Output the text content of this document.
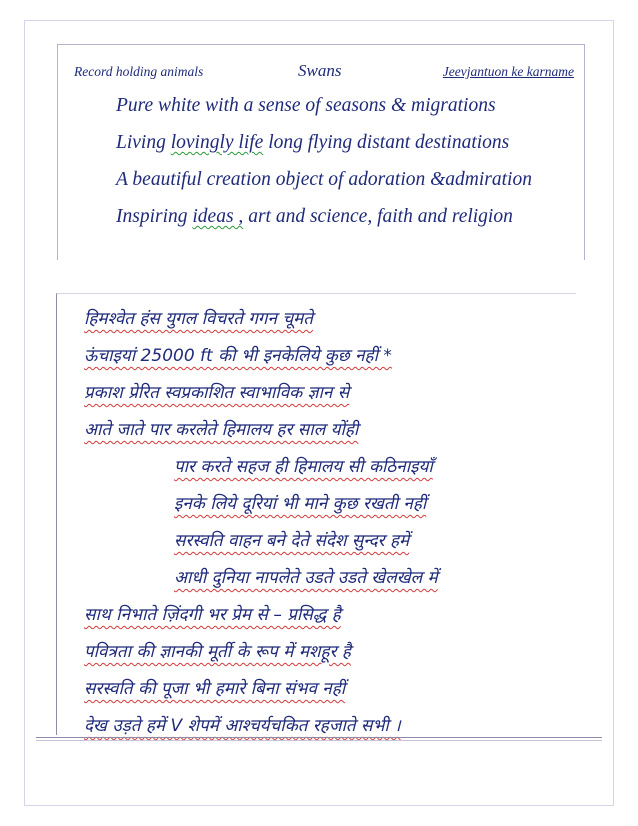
Record holding animals	Swans	Jeevjantuon ke karname
Pure white with a sense of seasons & migrations
Living lovingly life long flying distant destinations
A beautiful creation object of adoration &admiration
Inspiring ideas , art and science, faith and religion
हिमश्वेत हंस युगल विचरते गगन चूमते
ऊंचाइयां 25000 ft की भी इनकेलिये कुछ नहीं *
प्रकाश प्रेरित स्वप्रकाशित स्वाभाविक ज्ञान से
आते जाते पार करलेते हिमालय हर साल योंही
पार करते सहज ही हिमालय सी कठिनाइयाँ
इनके लिये दूरियां भी माने कुछ रखती नहीं
सरस्वति वाहन बने देते संदेश सुन्दर हमें
आधी दुनिया नापलेते उडते उडते खेलखेल में
साथ निभाते ज़िंदगी भर प्रेम से – प्रसिद्ध है
पवित्रता की ज्ञानकी मूर्ती के रूप में मशहूर है
सरस्वति की पूजा भी हमारे बिना संभव नहीं
देख उड़ते हमें V शेपमें आश्चर्यचकित रहजाते सभी ।
